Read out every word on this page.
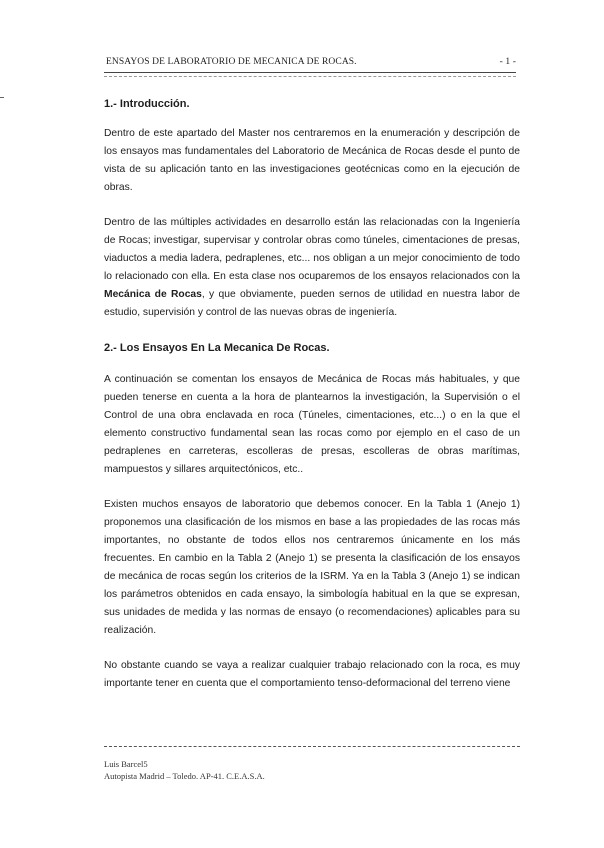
ENSAYOS DE LABORATORIO DE MECANICA DE ROCAS.	- 1 -
1.- Introducción.

Dentro de este apartado del Master nos centraremos en la enumeración y descripción de los ensayos mas fundamentales del Laboratorio de Mecánica de Rocas desde el punto de vista de su aplicación tanto en las investigaciones geotécnicas como en la ejecución de obras.

Dentro de las múltiples actividades en desarrollo están las relacionadas con la Ingeniería de Rocas; investigar, supervisar y controlar obras como túneles, cimentaciones de presas, viaductos a media ladera, pedraplenes, etc... nos obligan a un mejor conocimiento de todo lo relacionado con ella. En esta clase nos ocuparemos de los ensayos relacionados con la Mecánica de Rocas, y que obviamente, pueden sernos de utilidad en nuestra labor de estudio, supervisión y control de las nuevas obras de ingeniería.

2.- Los Ensayos En La Mecanica De Rocas.

A continuación se comentan los ensayos de Mecánica de Rocas más habituales, y que pueden tenerse en cuenta a la hora de plantearnos la investigación, la Supervisión o el Control de una obra enclavada en roca (Túneles, cimentaciones, etc...) o en la que el elemento constructivo fundamental sean las rocas como por ejemplo en el caso de un pedraplenes en carreteras, escolleras de presas, escolleras de obras marítimas, mampuestos y sillares arquitectónicos, etc..

Existen muchos ensayos de laboratorio que debemos conocer. En la Tabla 1 (Anejo 1) proponemos una clasificación de los mismos en base a las propiedades de las rocas más importantes, no obstante de todos ellos nos centraremos únicamente en los más frecuentes. En cambio en la Tabla 2 (Anejo 1) se presenta la clasificación de los ensayos de mecánica de rocas según los criterios de la ISRM. Ya en la Tabla 3 (Anejo 1) se indican los parámetros obtenidos en cada ensayo, la simbología habitual en la que se expresan, sus unidades de medida y las normas de ensayo (o recomendaciones) aplicables para su realización.

No obstante cuando se vaya a realizar cualquier trabajo relacionado con la roca, es muy importante tener en cuenta que el comportamiento tenso-deformacional del terreno viene

Luis Barcel5
Autopista Madrid – Toledo. AP-41. C.E.A.S.A.
